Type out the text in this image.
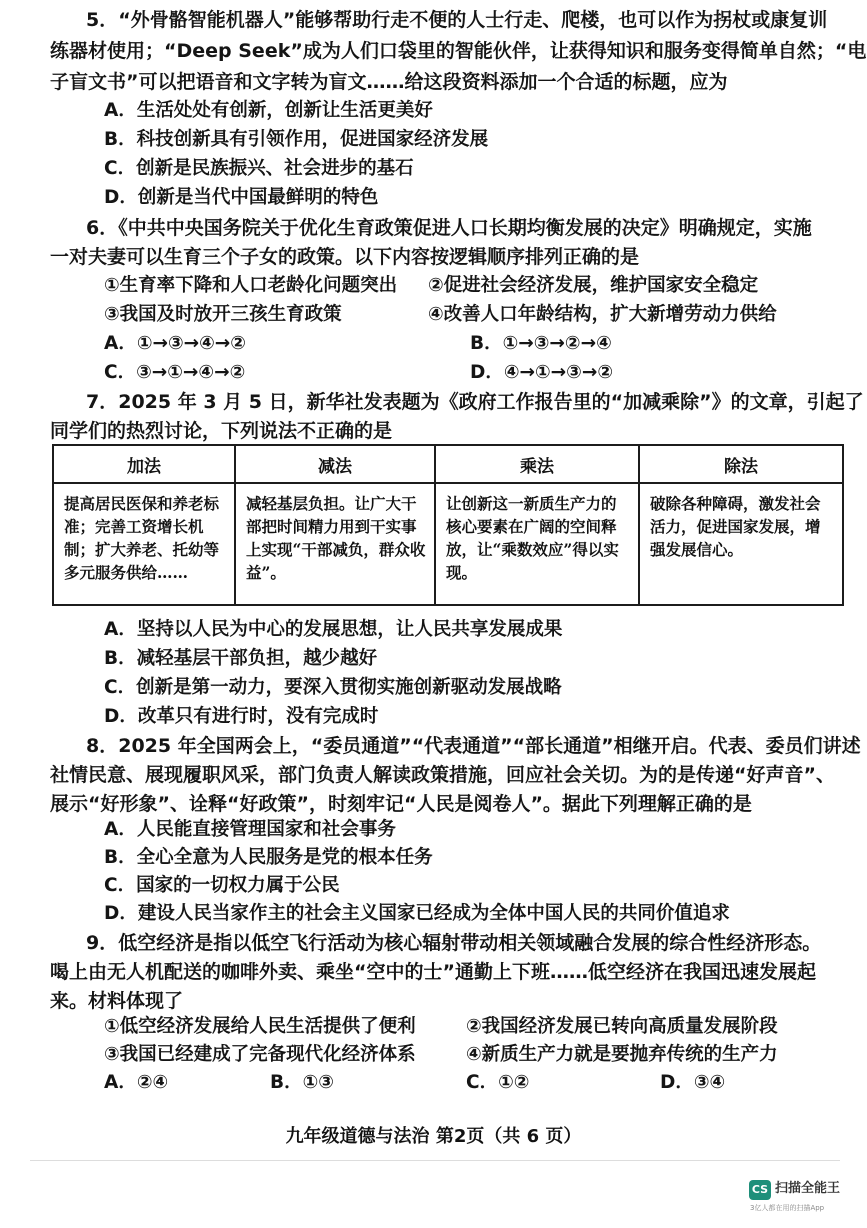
5．“外骨骼智能机器人”能够帮助行走不便的人士行走、爬楼，也可以作为拐杖或康复训
练器材使用；“Deep Seek”成为人们口袋里的智能伙伴，让获得知识和服务变得简单自然；“电
子盲文书”可以把语音和文字转为盲文……给这段资料添加一个合适的标题，应为
A．生活处处有创新，创新让生活更美好
B．科技创新具有引领作用，促进国家经济发展
C．创新是民族振兴、社会进步的基石
D．创新是当代中国最鲜明的特色
6．《中共中央国务院关于优化生育政策促进人口长期均衡发展的决定》明确规定，实施
一对夫妻可以生育三个子女的政策。以下内容按逻辑顺序排列正确的是
①生育率下降和人口老龄化问题突出 ②促进社会经济发展，维护国家安全稳定
③我国及时放开三孩生育政策	④改善人口年龄结构，扩大新增劳动力供给
A．①→③→④→②	B．①→③→②→④
C．③→①→④→②	D．④→①→③→②
7．2025 年 3 月 5 日，新华社发表题为《政府工作报告里的“加减乘除”》的文章，引起了
同学们的热烈讨论，下列说法不正确的是
加法	减法	乘法	除法
提高居民医保和养老标准；完善工资增长机制；扩大养老、托幼等多元服务供给……	减轻基层负担。让广大干部把时间精力用到干实事上实现“干部减负，群众收益”。	让创新这一新质生产力的核心要素在广阔的空间释放，让“乘数效应”得以实现。	破除各种障碍，激发社会活力，促进国家发展，增强发展信心。
A．坚持以人民为中心的发展思想，让人民共享发展成果
B．减轻基层干部负担，越少越好
C．创新是第一动力，要深入贯彻实施创新驱动发展战略
D．改革只有进行时，没有完成时
8．2025 年全国两会上，“委员通道”“代表通道”“部长通道”相继开启。代表、委员们讲述
社情民意、展现履职风采，部门负责人解读政策措施，回应社会关切。为的是传递“好声音”、
展示“好形象”、诠释“好政策”，时刻牢记“人民是阅卷人”。据此下列理解正确的是
A．人民能直接管理国家和社会事务
B．全心全意为人民服务是党的根本任务
C．国家的一切权力属于公民
D．建设人民当家作主的社会主义国家已经成为全体中国人民的共同价值追求
9．低空经济是指以低空飞行活动为核心辐射带动相关领域融合发展的综合性经济形态。
喝上由无人机配送的咖啡外卖、乘坐“空中的士”通勤上下班……低空经济在我国迅速发展起
来。材料体现了
①低空经济发展给人民生活提供了便利	②我国经济发展已转向高质量发展阶段
③我国已经建成了完备现代化经济体系	④新质生产力就是要抛弃传统的生产力
A．②④	B．①③	C．①②	D．③④
九年级道德与法治 第2页（共 6 页）
CS 扫描全能王
3亿人都在用的扫描App
